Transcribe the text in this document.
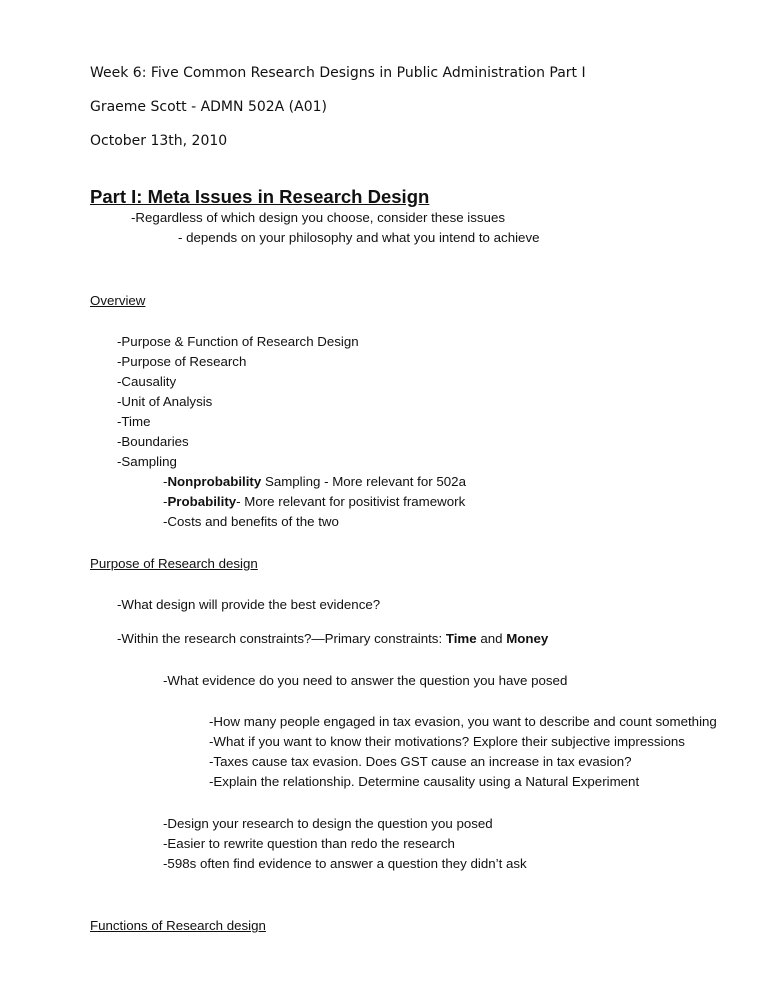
Week 6: Five Common Research Designs in Public Administration Part I
Graeme Scott - ADMN 502A (A01)
October 13th, 2010
Part I: Meta Issues in Research Design
-Regardless of which design you choose, consider these issues
- depends on your philosophy and what you intend to achieve
Overview
-Purpose & Function of Research Design
-Purpose of Research
-Causality
-Unit of Analysis
-Time
-Boundaries
-Sampling
-Nonprobability Sampling - More relevant for 502a
-Probability- More relevant for positivist framework
-Costs and benefits of the two
Purpose of Research design
-What design will provide the best evidence?
-Within the research constraints?—Primary constraints: Time and Money
-What evidence do you need to answer the question you have posed
-How many people engaged in tax evasion, you want to describe and count something
-What if you want to know their motivations? Explore their subjective impressions
-Taxes cause tax evasion. Does GST cause an increase in tax evasion?
-Explain the relationship. Determine causality using a Natural Experiment
-Design your research to design the question you posed
-Easier to rewrite question than redo the research
-598s often find evidence to answer a question they didn’t ask
Functions of Research design
